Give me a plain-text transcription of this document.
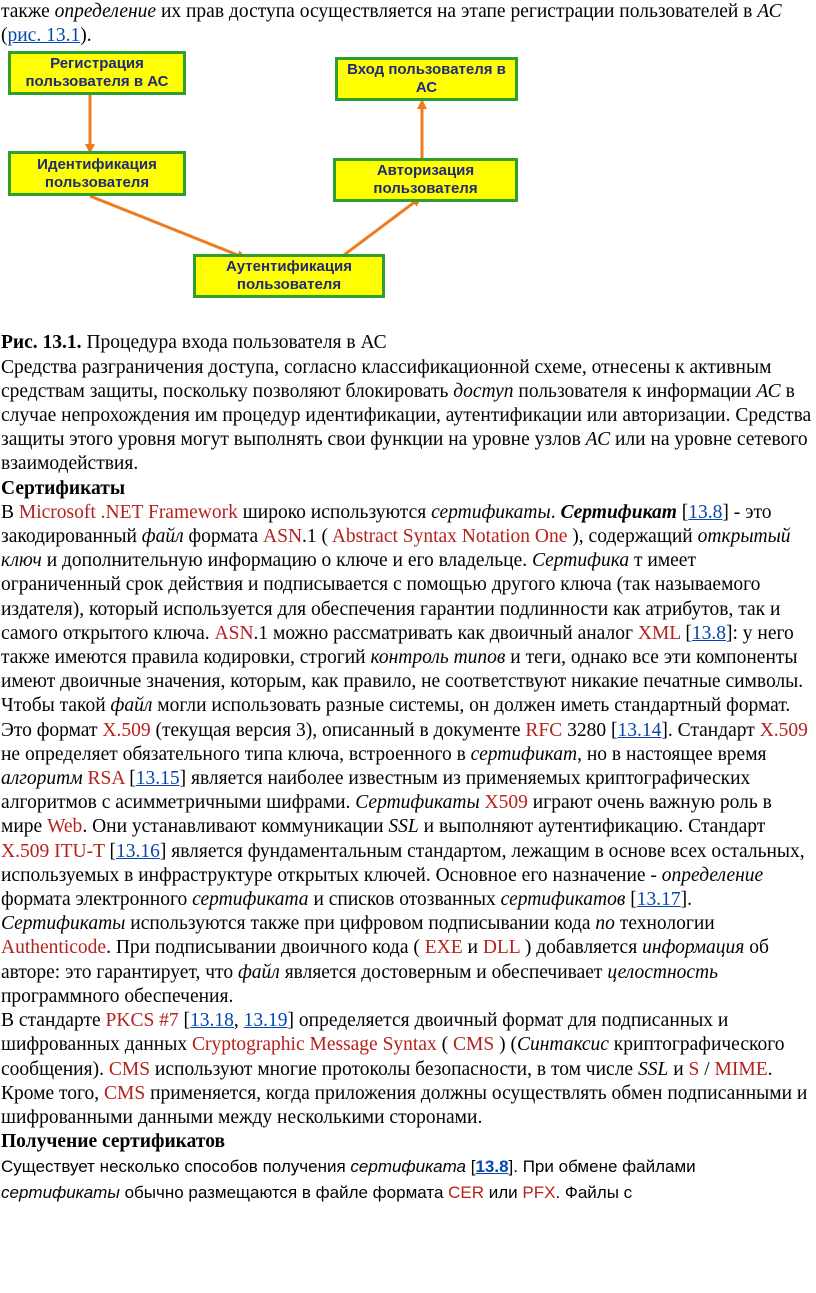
также определение их прав доступа осуществляется на этапе регистрации пользователей в АС (рис. 13.1).

Регистрация пользователя в АС
Идентификация пользователя
Аутентификация пользователя
Авторизация пользователя
Вход пользователя в АС

Рис. 13.1. Процедура входа пользователя в АС

Средства разграничения доступа, согласно классификационной схеме, отнесены к активным средствам защиты, поскольку позволяют блокировать доступ пользователя к информации АС в случае непрохождения им процедур идентификации, аутентификации или авторизации. Средства защиты этого уровня могут выполнять свои функции на уровне узлов АС или на уровне сетевого взаимодействия.

Сертификаты

В Microsoft .NET Framework широко используются сертификаты. Сертификат [13.8] - это закодированный файл формата ASN.1 ( Abstract Syntax Notation One ), содержащий открытый ключ и дополнительную информацию о ключе и его владельце. Сертифика т имеет ограниченный срок действия и подписывается с помощью другого ключа (так называемого издателя), который используется для обеспечения гарантии подлинности как атрибутов, так и самого открытого ключа. ASN.1 можно рассматривать как двоичный аналог XML [13.8]: у него также имеются правила кодировки, строгий контроль типов и теги, однако все эти компоненты имеют двоичные значения, которым, как правило, не соответствуют никакие печатные символы.

Чтобы такой файл могли использовать разные системы, он должен иметь стандартный формат. Это формат X.509 (текущая версия 3), описанный в документе RFC 3280 [13.14]. Стандарт X.509 не определяет обязательного типа ключа, встроенного в сертификат, но в настоящее время алгоритм RSA [13.15] является наиболее известным из применяемых криптографических алгоритмов с асимметричными шифрами. Сертификаты X509 играют очень важную роль в мире Web. Они устанавливают коммуникации SSL и выполняют аутентификацию. Стандарт X.509 ITU-T [13.16] является фундаментальным стандартом, лежащим в основе всех остальных, используемых в инфраструктуре открытых ключей. Основное его назначение - определение формата электронного сертификата и списков отозванных сертификатов [13.17]. Сертификаты используются также при цифровом подписывании кода по технологии Authenticode. При подписывании двоичного кода ( EXE и DLL ) добавляется информация об авторе: это гарантирует, что файл является достоверным и обеспечивает целостность программного обеспечения.

В стандарте PKCS #7 [13.18, 13.19] определяется двоичный формат для подписанных и шифрованных данных Cryptographic Message Syntax ( CMS ) (Синтаксис криптографического сообщения). CMS используют многие протоколы безопасности, в том числе SSL и S / MIME. Кроме того, CMS применяется, когда приложения должны осуществлять обмен подписанными и шифрованными данными между несколькими сторонами.

Получение сертификатов

Существует несколько способов получения сертификата [13.8]. При обмене файлами сертификаты обычно размещаются в файле формата CER или PFX. Файлы с
